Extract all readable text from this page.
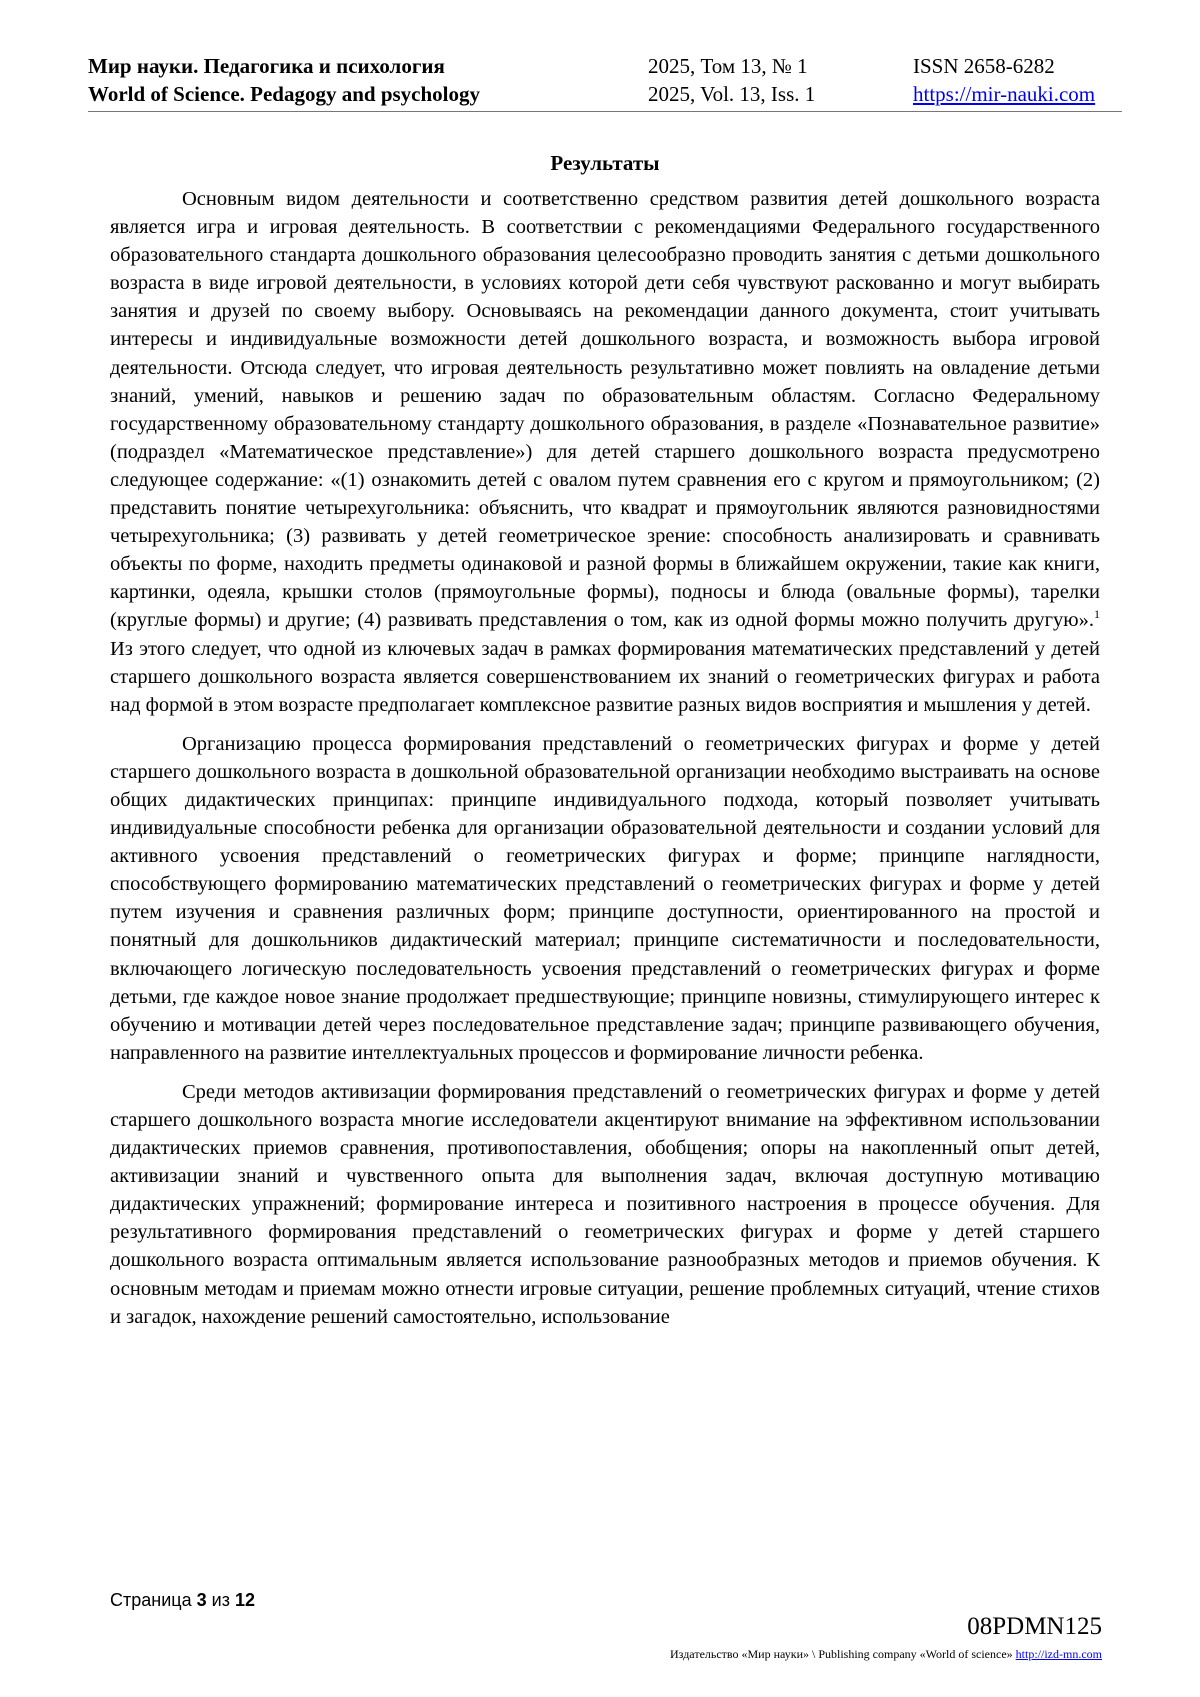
Мир науки. Педагогика и психология
World of Science. Pedagogy and psychology
2025, Том 13, № 1
2025, Vol. 13, Iss. 1
ISSN 2658-6282
https://mir-nauki.com
Результаты

Основным видом деятельности и соответственно средством развития детей дошкольного возраста является игра и игровая деятельность. В соответствии с рекомендациями Федерального государственного образовательного стандарта дошкольного образования целесообразно проводить занятия с детьми дошкольного возраста в виде игровой деятельности, в условиях которой дети себя чувствуют раскованно и могут выбирать занятия и друзей по своему выбору. Основываясь на рекомендации данного документа, стоит учитывать интересы и индивидуальные возможности детей дошкольного возраста, и возможность выбора игровой деятельности. Отсюда следует, что игровая деятельность результативно может повлиять на овладение детьми знаний, умений, навыков и решению задач по образовательным областям. Согласно Федеральному государственному образовательному стандарту дошкольного образования, в разделе «Познавательное развитие» (подраздел «Математическое представление») для детей старшего дошкольного возраста предусмотрено следующее содержание: «(1) ознакомить детей с овалом путем сравнения его с кругом и прямоугольником; (2) представить понятие четырехугольника: объяснить, что квадрат и прямоугольник являются разновидностями четырехугольника; (3) развивать у детей геометрическое зрение: способность анализировать и сравнивать объекты по форме, находить предметы одинаковой и разной формы в ближайшем окружении, такие как книги, картинки, одеяла, крышки столов (прямоугольные формы), подносы и блюда (овальные формы), тарелки (круглые формы) и другие; (4) развивать представления о том, как из одной формы можно получить другую».$^1$ Из этого следует, что одной из ключевых задач в рамках формирования математических представлений у детей старшего дошкольного возраста является совершенствованием их знаний о геометрических фигурах и работа над формой в этом возрасте предполагает комплексное развитие разных видов восприятия и мышления у детей.

Организацию процесса формирования представлений о геометрических фигурах и форме у детей старшего дошкольного возраста в дошкольной образовательной организации необходимо выстраивать на основе общих дидактических принципах: принципе индивидуального подхода, который позволяет учитывать индивидуальные способности ребенка для организации образовательной деятельности и создании условий для активного усвоения представлений о геометрических фигурах и форме; принципе наглядности, способствующего формированию математических представлений о геометрических фигурах и форме у детей путем изучения и сравнения различных форм; принципе доступности, ориентированного на простой и понятный для дошкольников дидактический материал; принципе систематичности и последовательности, включающего логическую последовательность усвоения представлений о геометрических фигурах и форме детьми, где каждое новое знание продолжает предшествующие; принципе новизны, стимулирующего интерес к обучению и мотивации детей через последовательное представление задач; принципе развивающего обучения, направленного на развитие интеллектуальных процессов и формирование личности ребенка.

Среди методов активизации формирования представлений о геометрических фигурах и форме у детей старшего дошкольного возраста многие исследователи акцентируют внимание на эффективном использовании дидактических приемов сравнения, противопоставления, обобщения; опоры на накопленный опыт детей, активизации знаний и чувственного опыта для выполнения задач, включая доступную мотивацию дидактических упражнений; формирование интереса и позитивного настроения в процессе обучения. Для результативного формирования представлений о геометрических фигурах и форме у детей старшего дошкольного возраста оптимальным является использование разнообразных методов и приемов обучения. К основным методам и приемам можно отнести игровые ситуации, решение проблемных ситуаций, чтение стихов и загадок, нахождение решений самостоятельно, использование

Страница 3 из 12
08PDMN125
Издательство «Мир науки» \ Publishing company «World of science» http://izd-mn.com
